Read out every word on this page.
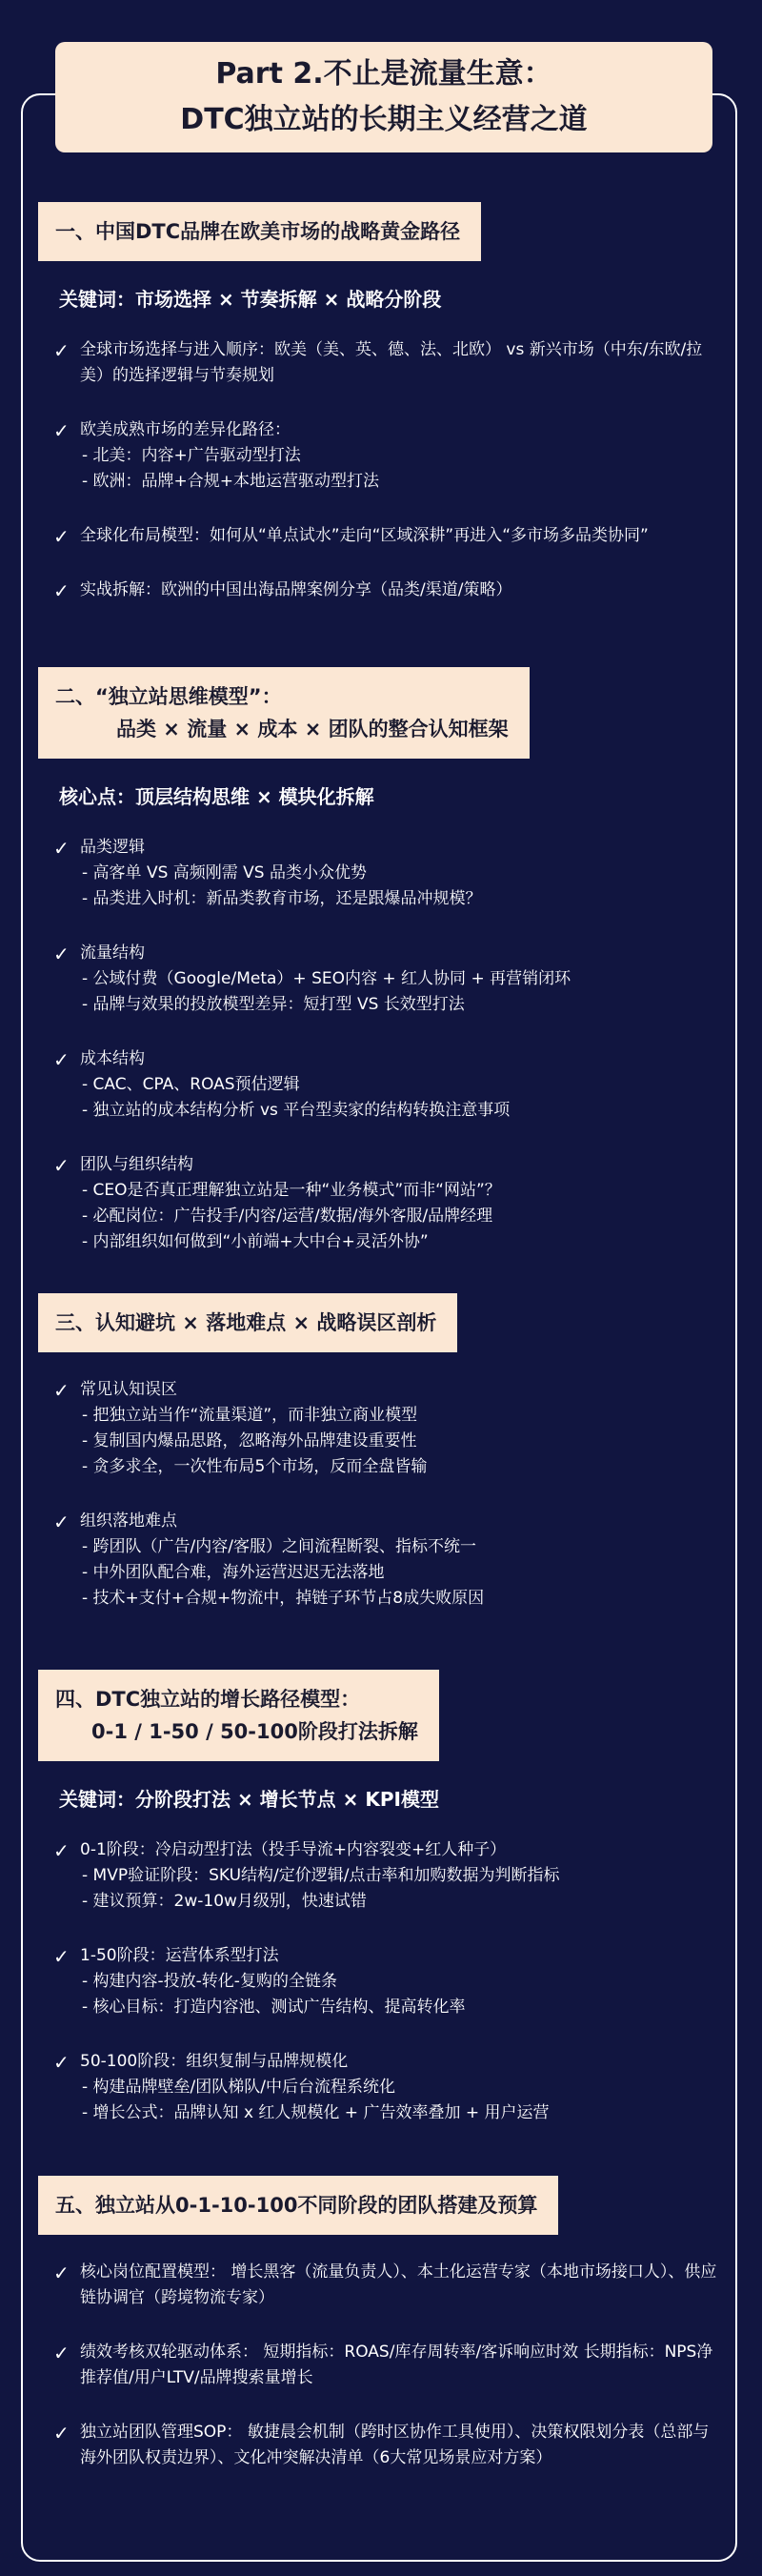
Part 2.不止是流量生意：
DTC独立站的长期主义经营之道
一、中国DTC品牌在欧美市场的战略黄金路径
关键词：市场选择 × 节奏拆解 × 战略分阶段
✓ 全球市场选择与进入顺序：欧美（美、英、德、法、北欧） vs 新兴市场（中东/东欧/拉美）的选择逻辑与节奏规划
✓ 欧美成熟市场的差异化路径：
- 北美：内容+广告驱动型打法
- 欧洲：品牌+合规+本地运营驱动型打法
✓ 全球化布局模型：如何从“单点试水”走向“区域深耕”再进入“多市场多品类协同”
✓ 实战拆解：欧洲的中国出海品牌案例分享（品类/渠道/策略）
二、“独立站思维模型”：
品类 × 流量 × 成本 × 团队的整合认知框架
核心点：顶层结构思维 × 模块化拆解
✓ 品类逻辑
- 高客单 VS 高频刚需 VS 品类小众优势
- 品类进入时机：新品类教育市场，还是跟爆品冲规模？
✓ 流量结构
- 公域付费（Google/Meta）+ SEO内容 + 红人协同 + 再营销闭环
- 品牌与效果的投放模型差异：短打型 VS 长效型打法
✓ 成本结构
- CAC、CPA、ROAS预估逻辑
- 独立站的成本结构分析 vs 平台型卖家的结构转换注意事项
✓ 团队与组织结构
- CEO是否真正理解独立站是一种“业务模式”而非“网站”？
- 必配岗位：广告投手/内容/运营/数据/海外客服/品牌经理
- 内部组织如何做到“小前端+大中台+灵活外协”
三、认知避坑 × 落地难点 × 战略误区剖析
✓ 常见认知误区
- 把独立站当作“流量渠道”，而非独立商业模型
- 复制国内爆品思路，忽略海外品牌建设重要性
- 贪多求全，一次性布局5个市场，反而全盘皆输
✓ 组织落地难点
- 跨团队（广告/内容/客服）之间流程断裂、指标不统一
- 中外团队配合难，海外运营迟迟无法落地
- 技术+支付+合规+物流中，掉链子环节占8成失败原因
四、DTC独立站的增长路径模型：
0-1 / 1-50 / 50-100阶段打法拆解
关键词：分阶段打法 × 增长节点 × KPI模型
✓ 0-1阶段：冷启动型打法（投手导流+内容裂变+红人种子）
- MVP验证阶段：SKU结构/定价逻辑/点击率和加购数据为判断指标
- 建议预算：2w-10w月级别，快速试错
✓ 1-50阶段：运营体系型打法
- 构建内容-投放-转化-复购的全链条
- 核心目标：打造内容池、测试广告结构、提高转化率
✓ 50-100阶段：组织复制与品牌规模化
- 构建品牌壁垒/团队梯队/中后台流程系统化
- 增长公式：品牌认知 x 红人规模化 + 广告效率叠加 + 用户运营
五、独立站从0-1-10-100不同阶段的团队搭建及预算
✓ 核心岗位配置模型： 增长黑客（流量负责人）、本土化运营专家（本地市场接口人）、供应链协调官（跨境物流专家）
✓ 绩效考核双轮驱动体系： 短期指标：ROAS/库存周转率/客诉响应时效 长期指标：NPS净推荐值/用户LTV/品牌搜索量增长
✓ 独立站团队管理SOP： 敏捷晨会机制（跨时区协作工具使用）、决策权限划分表（总部与海外团队权责边界）、文化冲突解决清单（6大常见场景应对方案）
